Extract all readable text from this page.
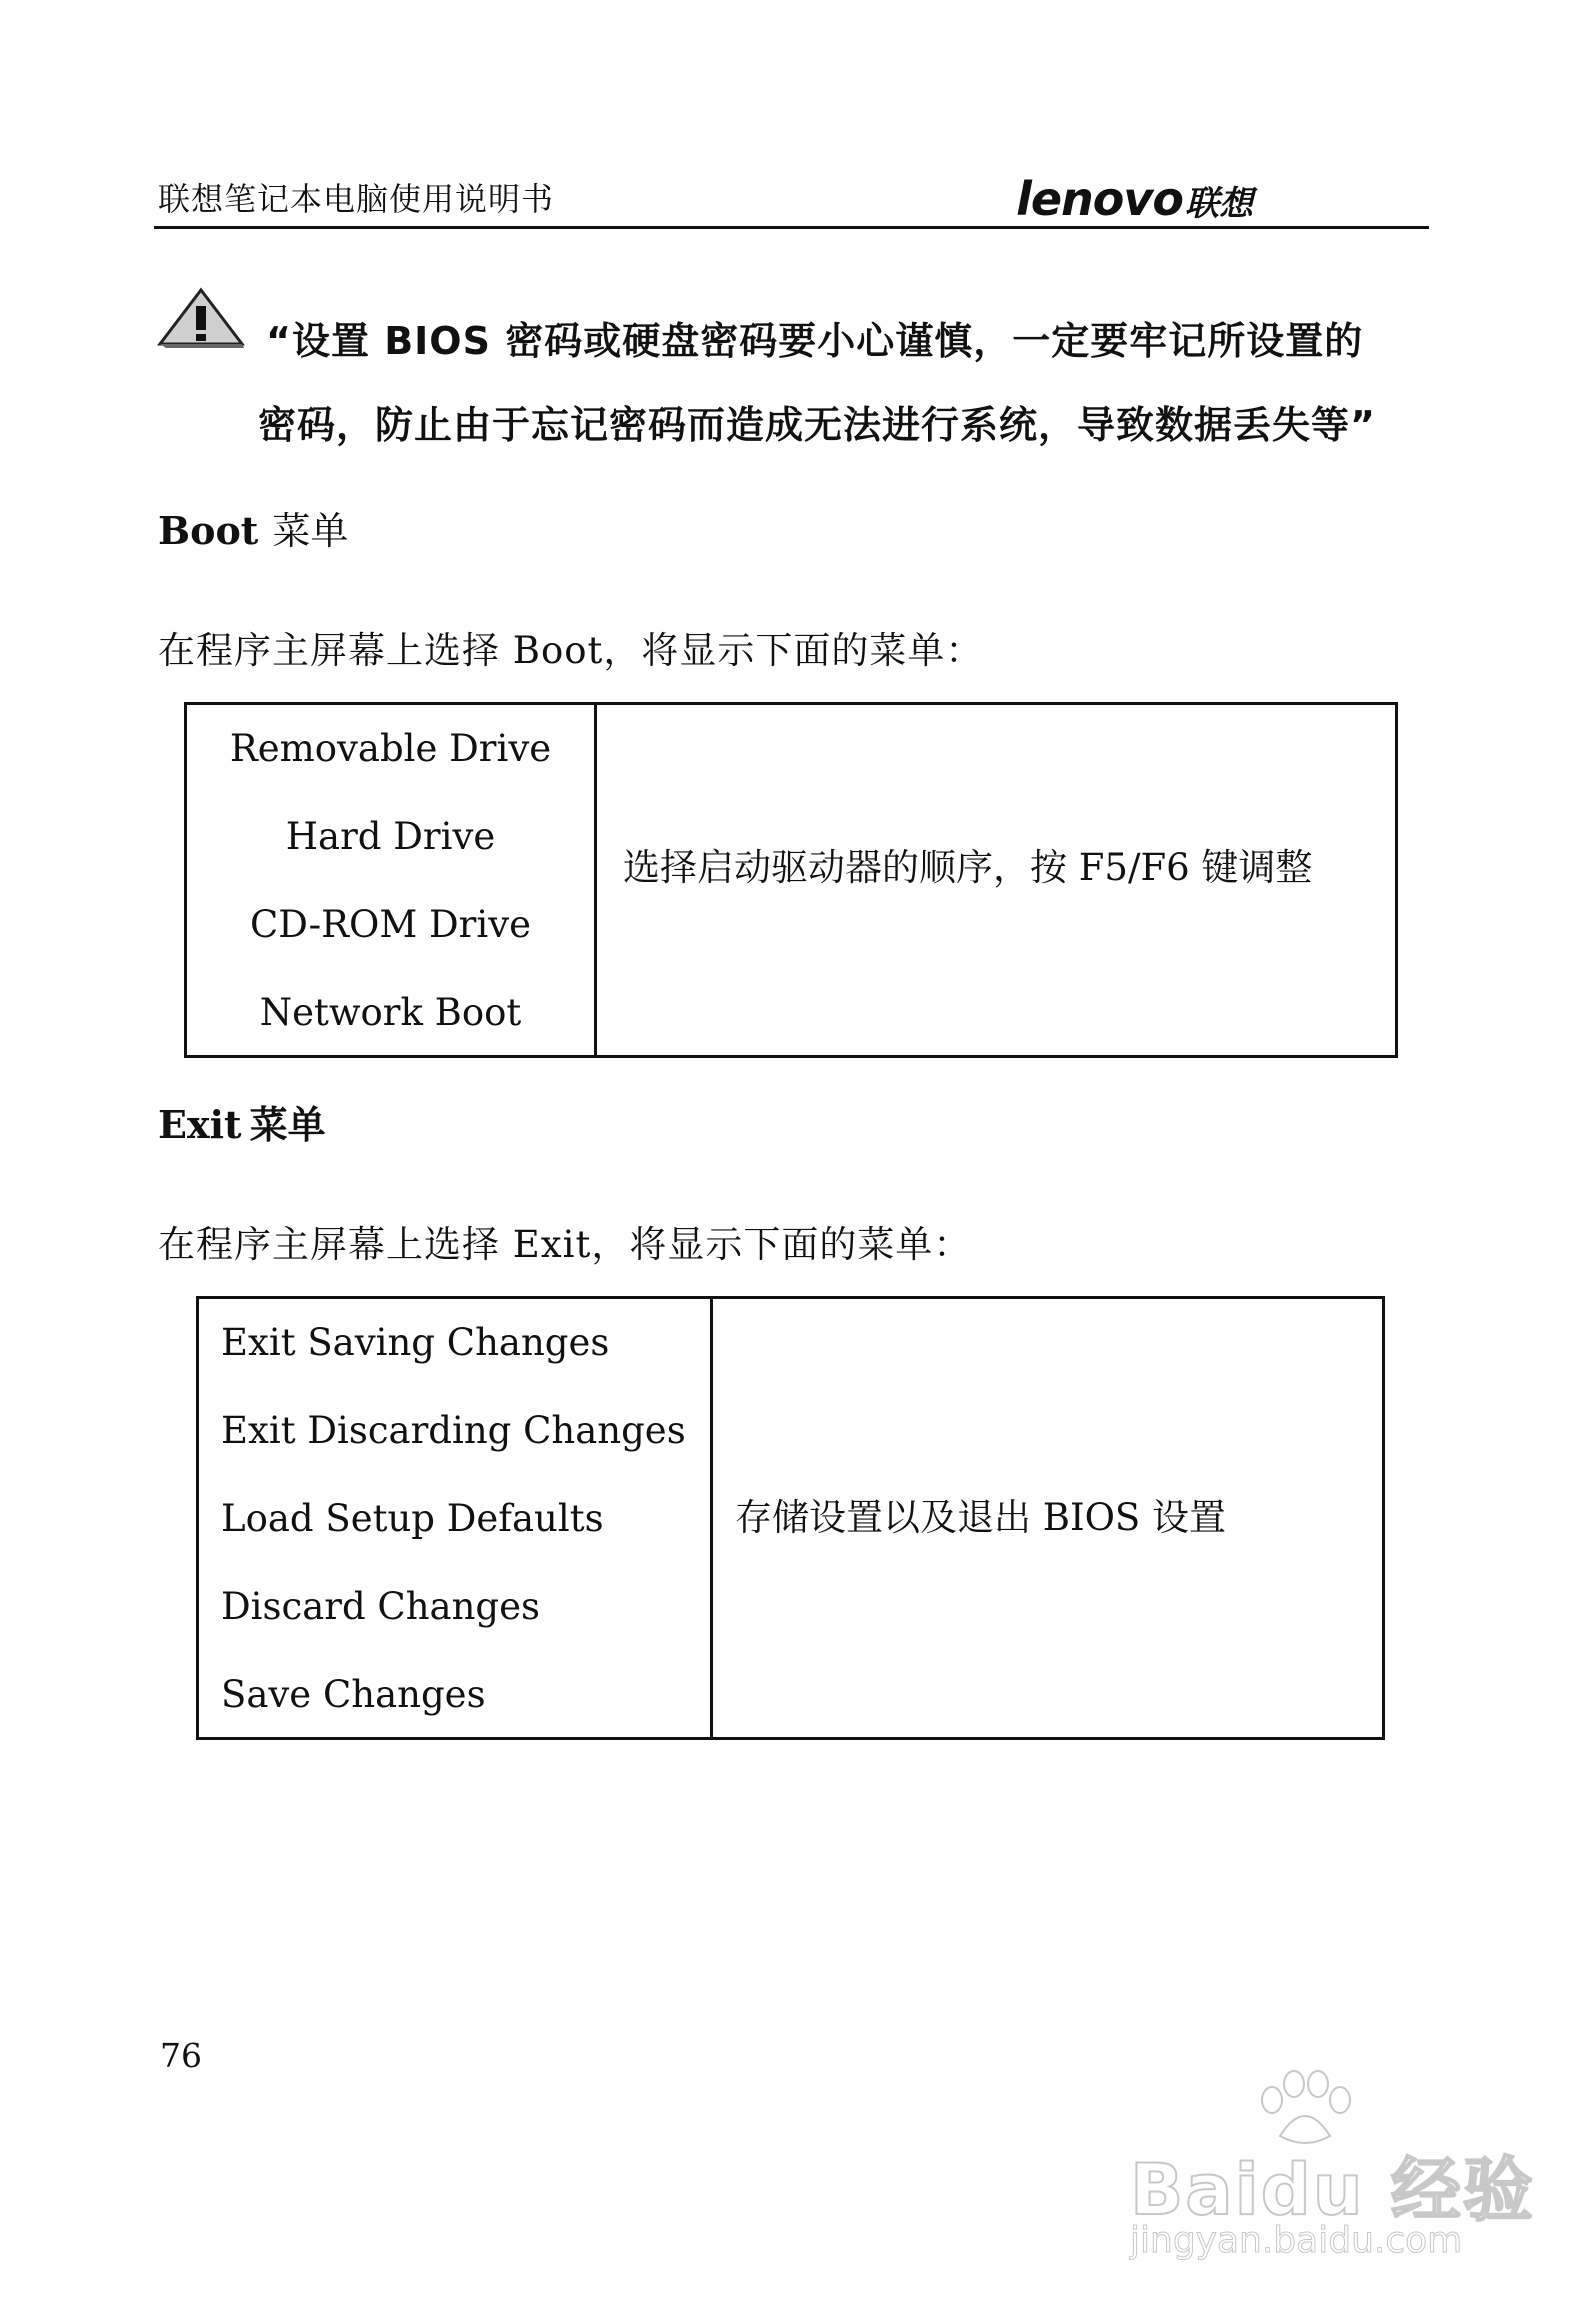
联想笔记本电脑使用说明书	lenovo 联想
“设置 BIOS 密码或硬盘密码要小心谨慎，一定要牢记所设置的
密码，防止由于忘记密码而造成无法进行系统，导致数据丢失等”
Boot 菜单
在程序主屏幕上选择 Boot，将显示下面的菜单：
Removable Drive
Hard Drive
CD-ROM Drive
Network Boot
选择启动驱动器的顺序，按 F5/F6 键调整
Exit 菜单
在程序主屏幕上选择 Exit，将显示下面的菜单：
Exit Saving Changes
Exit Discarding Changes
Load Setup Defaults
Discard Changes
Save Changes
存储设置以及退出 BIOS 设置
76
Baidu 经验
jingyan.baidu.com
